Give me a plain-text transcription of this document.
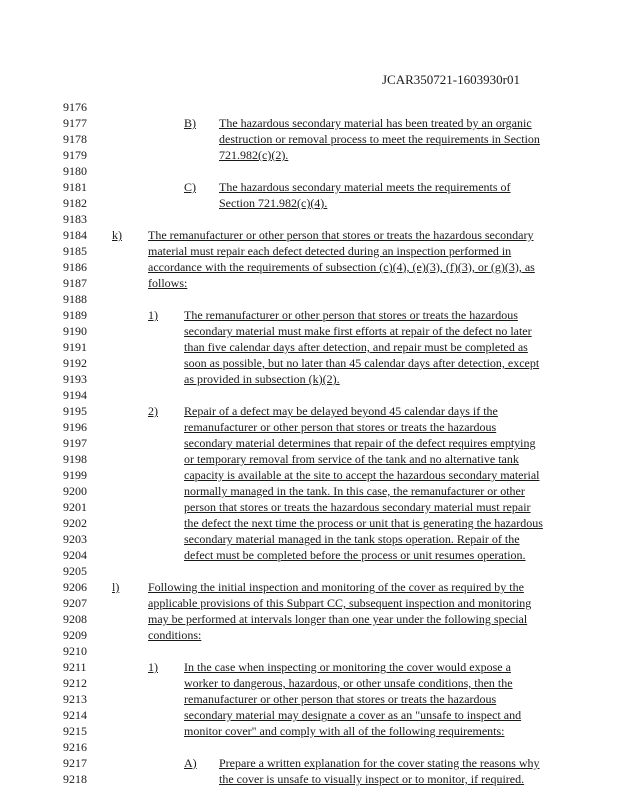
JCAR350721-1603930r01
9176
9177
9178
9179
9180
9181
9182
9183
9184
9185
9186
9187
9188
9189
9190
9191
9192
9193
9194
9195
9196
9197
9198
9199
9200
9201
9202
9203
9204
9205
9206
9207
9208
9209
9210
9211
9212
9213
9214
9215
9216
9217
9218
B) The hazardous secondary material has been treated by an organic
destruction or removal process to meet the requirements in Section
721.982(c)(2).
C) The hazardous secondary material meets the requirements of
Section 721.982(c)(4).
k) The remanufacturer or other person that stores or treats the hazardous secondary
material must repair each defect detected during an inspection performed in
accordance with the requirements of subsection (c)(4), (e)(3), (f)(3), or (g)(3), as
follows:
1) The remanufacturer or other person that stores or treats the hazardous
secondary material must make first efforts at repair of the defect no later
than five calendar days after detection, and repair must be completed as
soon as possible, but no later than 45 calendar days after detection, except
as provided in subsection (k)(2).
2) Repair of a defect may be delayed beyond 45 calendar days if the
remanufacturer or other person that stores or treats the hazardous
secondary material determines that repair of the defect requires emptying
or temporary removal from service of the tank and no alternative tank
capacity is available at the site to accept the hazardous secondary material
normally managed in the tank. In this case, the remanufacturer or other
person that stores or treats the hazardous secondary material must repair
the defect the next time the process or unit that is generating the hazardous
secondary material managed in the tank stops operation. Repair of the
defect must be completed before the process or unit resumes operation.
l) Following the initial inspection and monitoring of the cover as required by the
applicable provisions of this Subpart CC, subsequent inspection and monitoring
may be performed at intervals longer than one year under the following special
conditions:
1) In the case when inspecting or monitoring the cover would expose a
worker to dangerous, hazardous, or other unsafe conditions, then the
remanufacturer or other person that stores or treats the hazardous
secondary material may designate a cover as an "unsafe to inspect and
monitor cover" and comply with all of the following requirements:
A) Prepare a written explanation for the cover stating the reasons why
the cover is unsafe to visually inspect or to monitor, if required.
